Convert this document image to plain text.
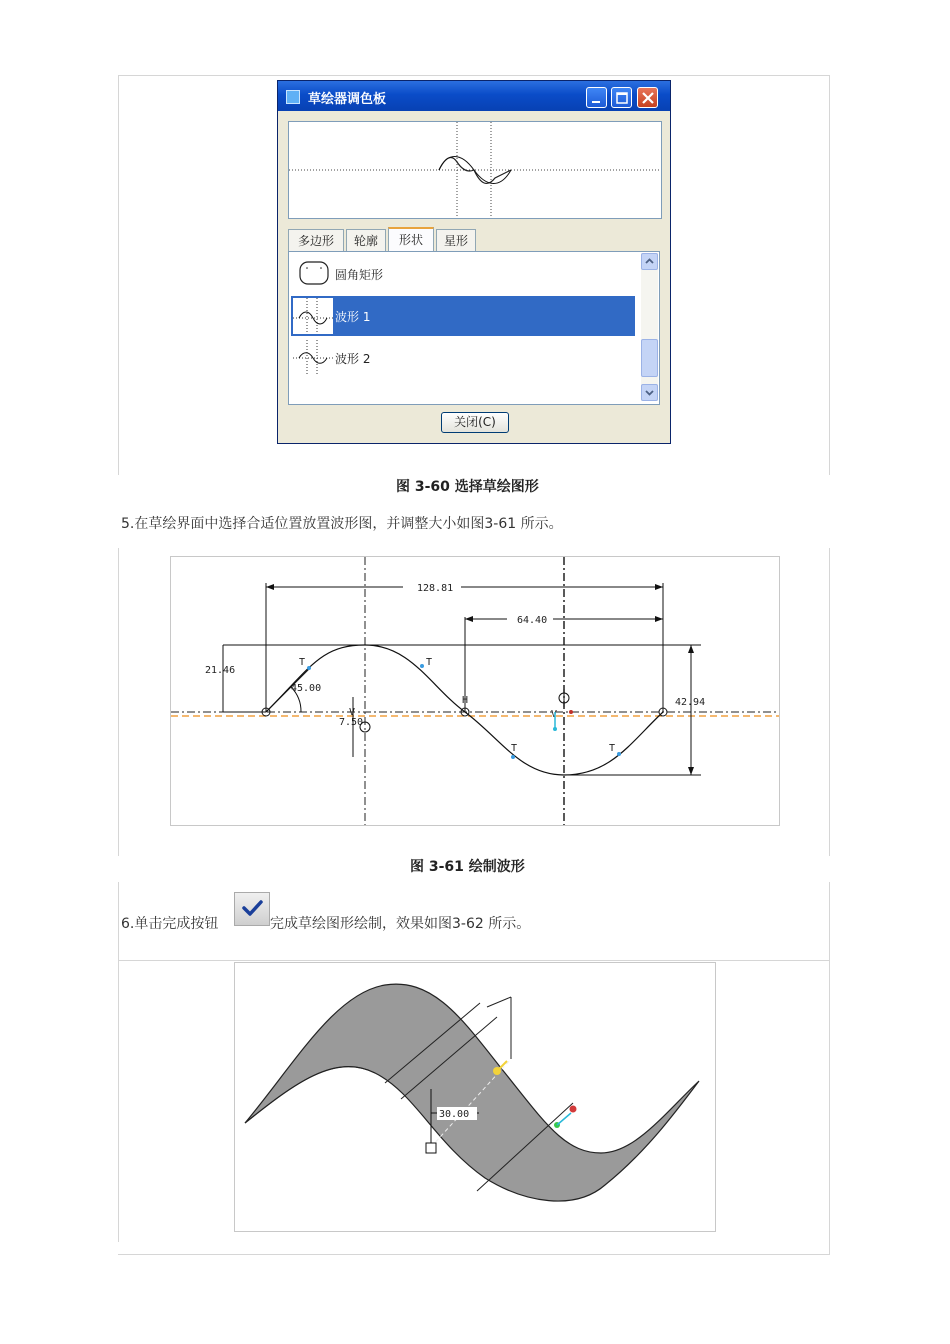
草绘器调色板
多边形	轮廓	形状	星形
圆角矩形
波形 1
波形 2
关闭(C)
图 3-60 选择草绘图形
5.在草绘界面中选择合适位置放置波形图，并调整大小如图3-61 所示。
128.81
64.40
21.46
42.94
45.00
7.50
T	T
T	T
H
V	V
图 3-61 绘制波形
6.单击完成按钮	完成草绘图形绘制，效果如图3-62 所示。
30.00
